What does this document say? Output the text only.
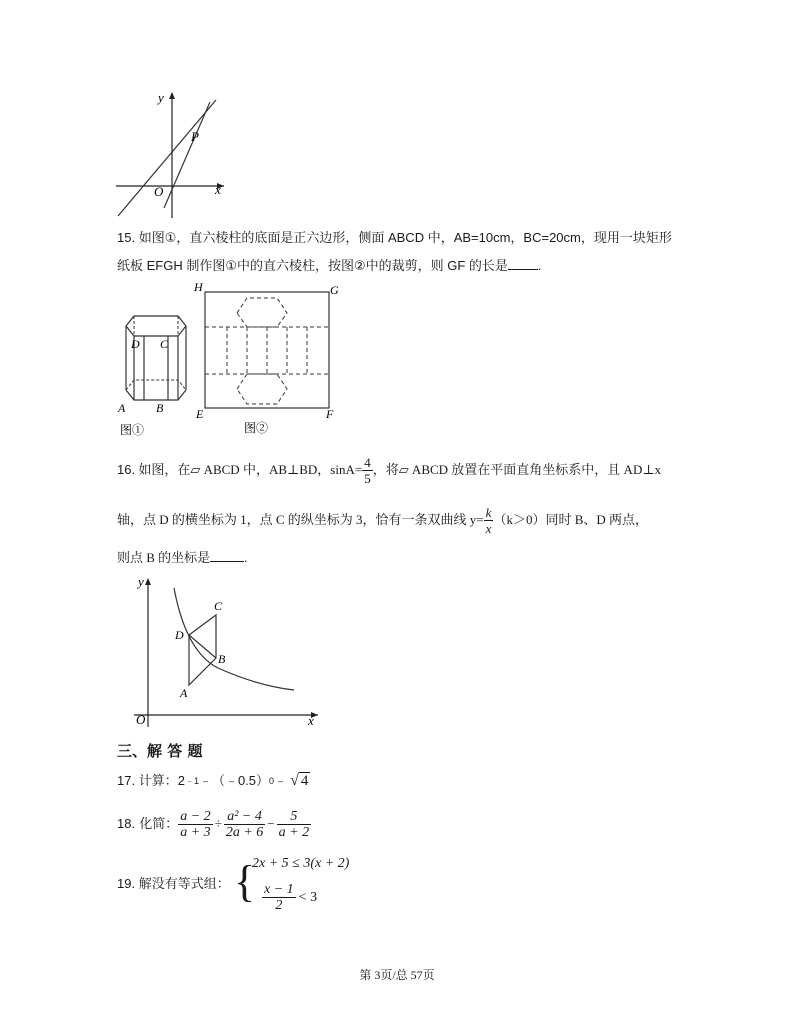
y
x
O
P
15. 如图①，直六棱柱的底面是正六边形，侧面 ABCD 中，AB=10cm，BC=20cm，现用一块矩形
纸板 EFGH 制作图①中的直六棱柱，按图②中的裁剪，则 GF 的长是 .
D C
A	B
图①
H	G
E	F
图②
16.
如图，在▱ ABCD 中，AB⊥BD，$\sin A= \frac{4}{5}$ ，将▱ ABCD 放置在平面直角坐标系中，且 AD⊥x
轴，点 D 的横坐标为 1，点 C 的纵坐标为 3，恰有一条双曲线 $y= \frac{k}{x} (k>0)$同时 B、D 两点，
则点 B 的坐标是	.
y
x
O
C
D
B
A
三、解 答 题
17.
计算：2 ﹣1 ﹣（﹣0.5） 0 ﹣ √ 4
18.
化简： $\frac{a - 2}{a + 3} \div \frac{\text{a² − 4}}{2a + 6} - \frac{5}{a + 2}$
19. 解没有等式组： {
2x + 5 ≤ 3(x + 2)
$\frac{x - 1}{2} < 3$
第 3页/总 57页
